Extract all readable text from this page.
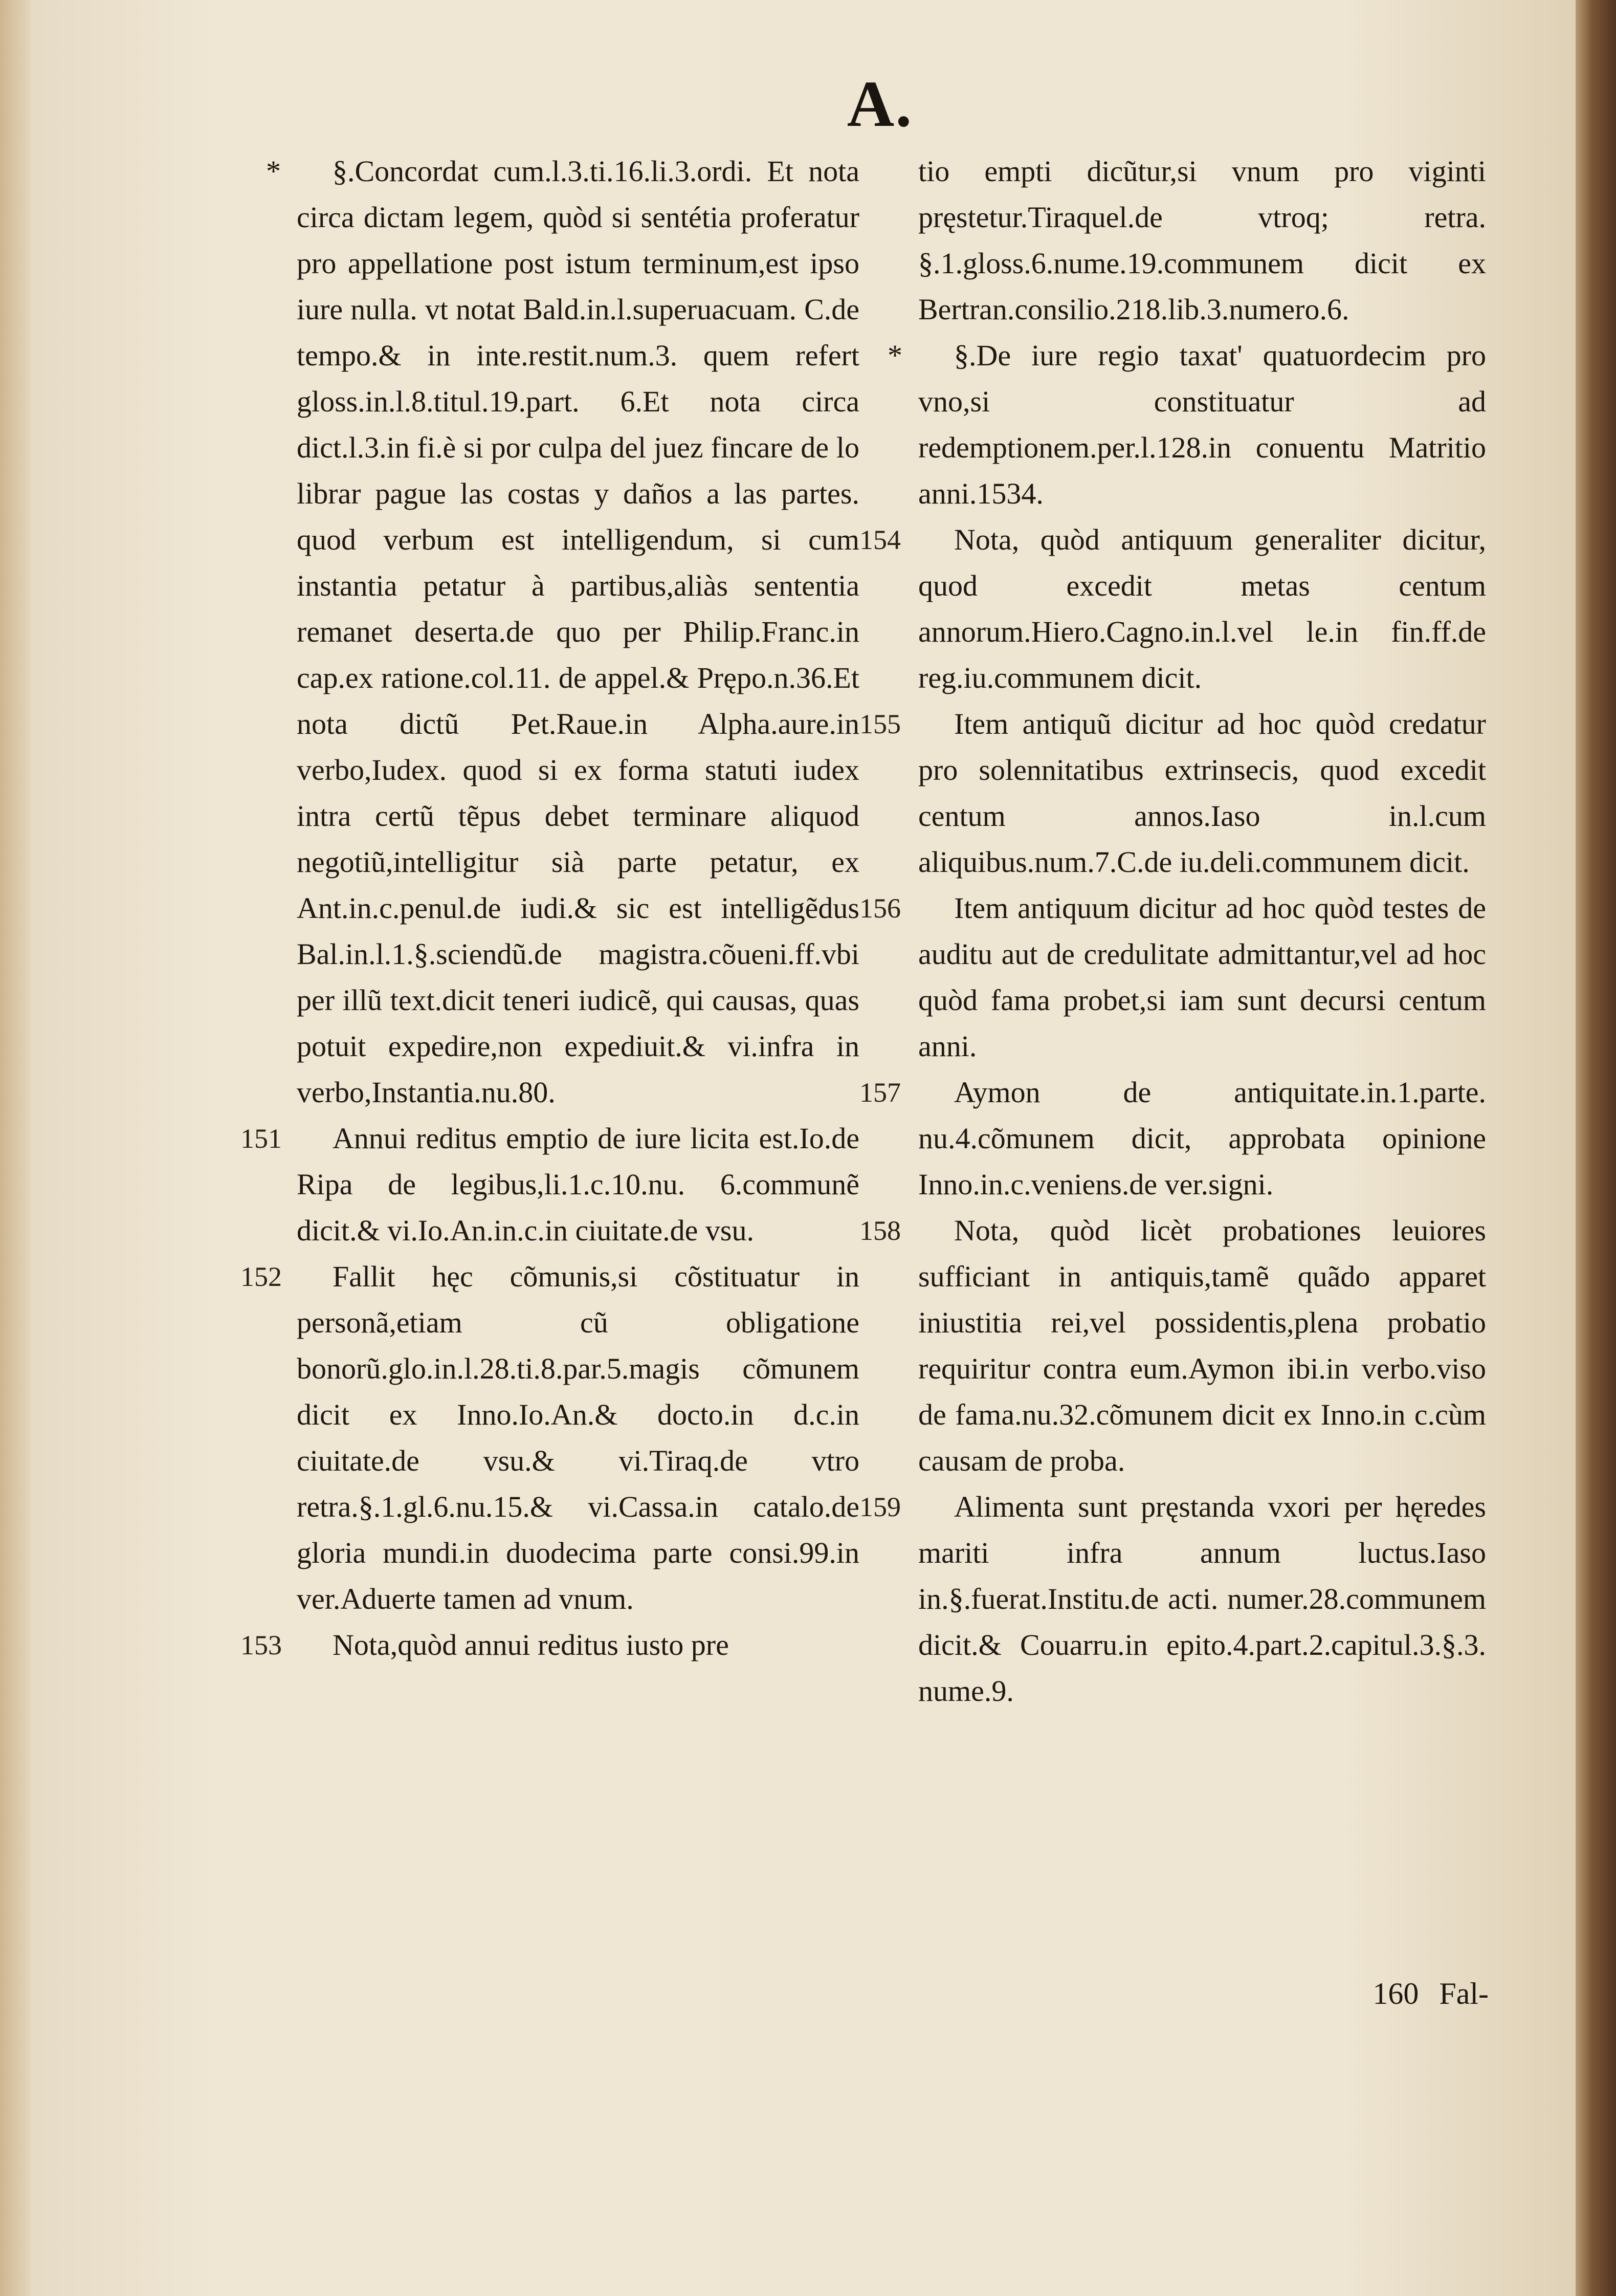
A.

* §.Concordat cum.l.3.ti.16.li.3.ordi. Et nota circa dictam legem, quòd si sentétia proferatur pro appellatione post istum terminum,est ipso iure nulla. vt notat Bald.in.l.superuacuam. C.de tempo.& in inte.restit.num.3. quem refert gloss.in.l.8.titul.19.part. 6.Et nota circa dict.l.3.in fi.è si por culpa del juez fincare de lo librar pague las costas y daños a las partes. quod verbum est intelligendum, si cum instantia petatur à partibus,aliàs sententia remanet deserta.de quo per Philip.Franc.in cap.ex ratione.col.11. de appel.& Prępo.n.36.Et nota dictũ Pet.Raue.in Alpha.aure.in verbo,Iudex. quod si ex forma statuti iudex intra certũ tẽpus debet terminare aliquod negotiũ,intelligitur sià parte petatur, ex Ant.in.c.penul.de iudi.& sic est intelligẽdus Bal.in.l.1.§.sciendũ.de magistra.cõueni.ff.vbi per illũ text.dicit teneri iudicẽ, qui causas, quas potuit expedire,non expediuit.& vi.infra in verbo,Instantia.nu.80.

151 Annui reditus emptio de iure licita est.Io.de Ripa de legibus,li.1.c.10.nu. 6.communẽ dicit.& vi.Io.An.in.c.in ciuitate.de vsu.

152 Fallit hęc cõmunis,si cõstituatur in personã,etiam cũ obligatione bonorũ.glo.in.l.28.ti.8.par.5.magis cõmunem dicit ex Inno.Io.An.& docto.in d.c.in ciuitate.de vsu.& vi.Tiraq.de vtro retra.§.1.gl.6.nu.15.& vi.Cassa.in catalo.de gloria mundi.in duodecima parte consi.99.in ver.Aduerte tamen ad vnum.

153 Nota,quòd annui reditus iusto pre

tio empti dicũtur,si vnum pro viginti pręstetur.Tiraquel.de vtroq; retra. §.1.gloss.6.nume.19.communem dicit ex Bertran.consilio.218.lib.3.numero.6.

* §.De iure regio taxat' quatuordecim pro vno,si constituatur ad redemptionem.per.l.128.in conuentu Matritio anni.1534.

154 Nota, quòd antiquum generaliter dicitur, quod excedit metas centum annorum.Hiero.Cagno.in.l.vel le.in fin.ff.de reg.iu.communem dicit.

155 Item antiquũ dicitur ad hoc quòd credatur pro solennitatibus extrinsecis, quod excedit centum annos.Iaso in.l.cum aliquibus.num.7.C.de iu.deli.communem dicit.

156 Item antiquum dicitur ad hoc quòd testes de auditu aut de credulitate admittantur,vel ad hoc quòd fama probet,si iam sunt decursi centum anni.

157 Aymon de antiquitate.in.1.parte. nu.4.cõmunem dicit, approbata opinione Inno.in.c.veniens.de ver.signi.

158 Nota, quòd licèt probationes leuiores sufficiant in antiquis,tamẽ quãdo apparet iniustitia rei,vel possidentis,plena probatio requiritur contra eum.Aymon ibi.in verbo.viso de fama.nu.32.cõmunem dicit ex Inno.in c.cùm causam de proba.

159 Alimenta sunt pręstanda vxori per hęredes mariti infra annum luctus.Iaso in.§.fuerat.Institu.de acti. numer.28.communem dicit.& Couarru.in epito.4.part.2.capitul.3.§.3. nume.9.

160 Fal-
